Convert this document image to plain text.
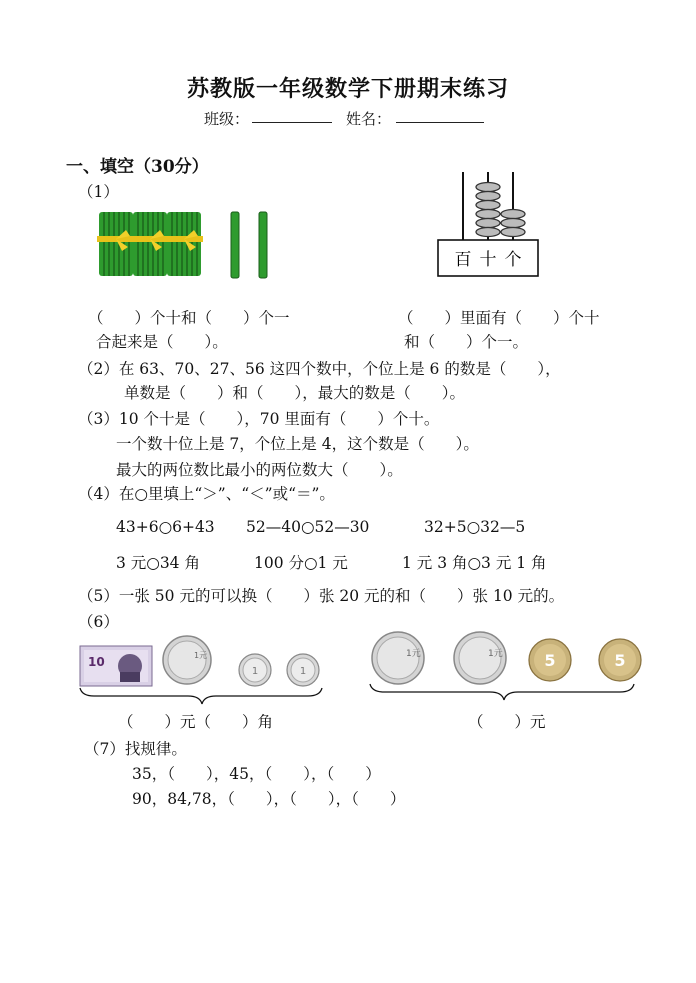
苏教版一年级数学下册期末练习
班级：	姓名：
一、填空（30分）
（1）
百 十 个
（　　）个十和（　　）个一
合起来是（　　）。
（　　）里面有（　　）个十
和（　　）个一。
（2）在 63、70、27、56 这四个数中，个位上是 6 的数是（　　），
单数是（　　）和（　　），最大的数是（　　）。
（3）10 个十是（　　），70 里面有（　　）个十。
一个数十位上是 7，个位上是 4，这个数是（　　）。
最大的两位数比最小的两位数大（　　）。
（4）在○里填上“＞”、“＜”或“＝”。
43+6○6+43 52—40○52—30	32+5○32—5
3 元○34 角	100 分○1 元	1 元 3 角○3 元 1 角
（5）一张 50 元的可以换（　　）张 20 元的和（　　）张 10 元的。
（6）
10	1元
1	1
1元	1元	5	5
（　　）元（　　）角	（　　）元
（7）找规律。
35，（　　），45，（　　），（　　）
90，84,78，（　　），（　　），（　　）
